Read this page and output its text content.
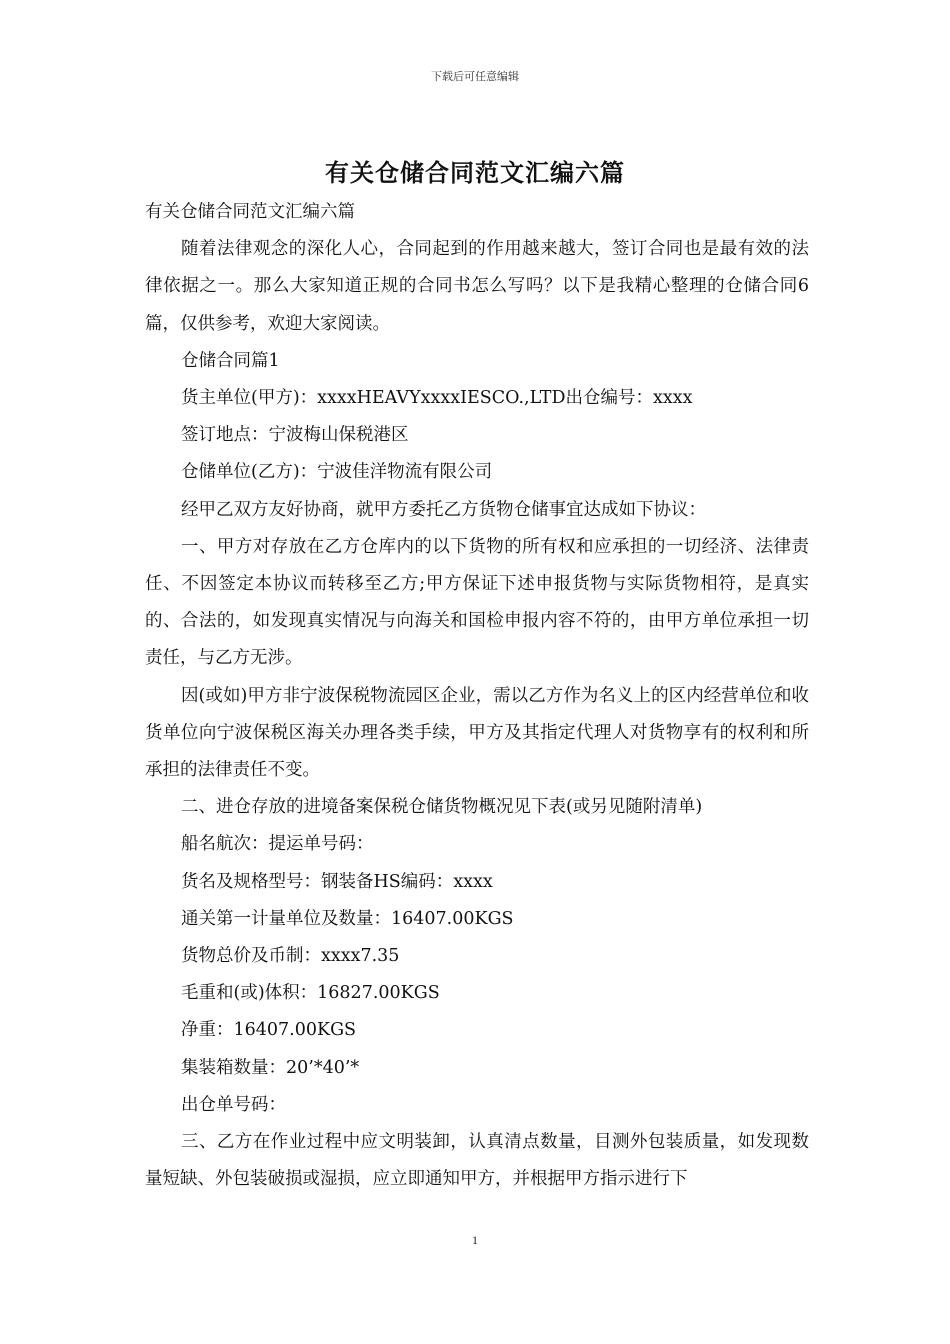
下载后可任意编辑
有关仓储合同范文汇编六篇

有关仓储合同范文汇编六篇

随着法律观念的深化人心，合同起到的作用越来越大，签订合同也是最有效的法律依据之一。那么大家知道正规的合同书怎么写吗？以下是我精心整理的仓储合同6篇，仅供参考，欢迎大家阅读。

仓储合同篇1

货主单位(甲方)：xxxxHEAVYxxxxIESCO.,LTD出仓编号：xxxx

签订地点：宁波梅山保税港区

仓储单位(乙方)：宁波佳洋物流有限公司

经甲乙双方友好协商，就甲方委托乙方货物仓储事宜达成如下协议：

一、甲方对存放在乙方仓库内的以下货物的所有权和应承担的一切经济、法律责任、不因签定本协议而转移至乙方;甲方保证下述申报货物与实际货物相符，是真实的、合法的，如发现真实情况与向海关和国检申报内容不符的，由甲方单位承担一切责任，与乙方无涉。

因(或如)甲方非宁波保税物流园区企业，需以乙方作为名义上的区内经营单位和收货单位向宁波保税区海关办理各类手续，甲方及其指定代理人对货物享有的权利和所承担的法律责任不变。

二、进仓存放的进境备案保税仓储货物概况见下表(或另见随附清单)

船名航次：提运单号码：

货名及规格型号：钢装备HS编码：xxxx

通关第一计量单位及数量：16407.00KGS

货物总价及币制：xxxx7.35

毛重和(或)体积：16827.00KGS

净重：16407.00KGS

集装箱数量：20’*40’*

出仓单号码：

三、乙方在作业过程中应文明装卸，认真清点数量，目测外包装质量，如发现数量短缺、外包装破损或湿损，应立即通知甲方，并根据甲方指示进行下

1
